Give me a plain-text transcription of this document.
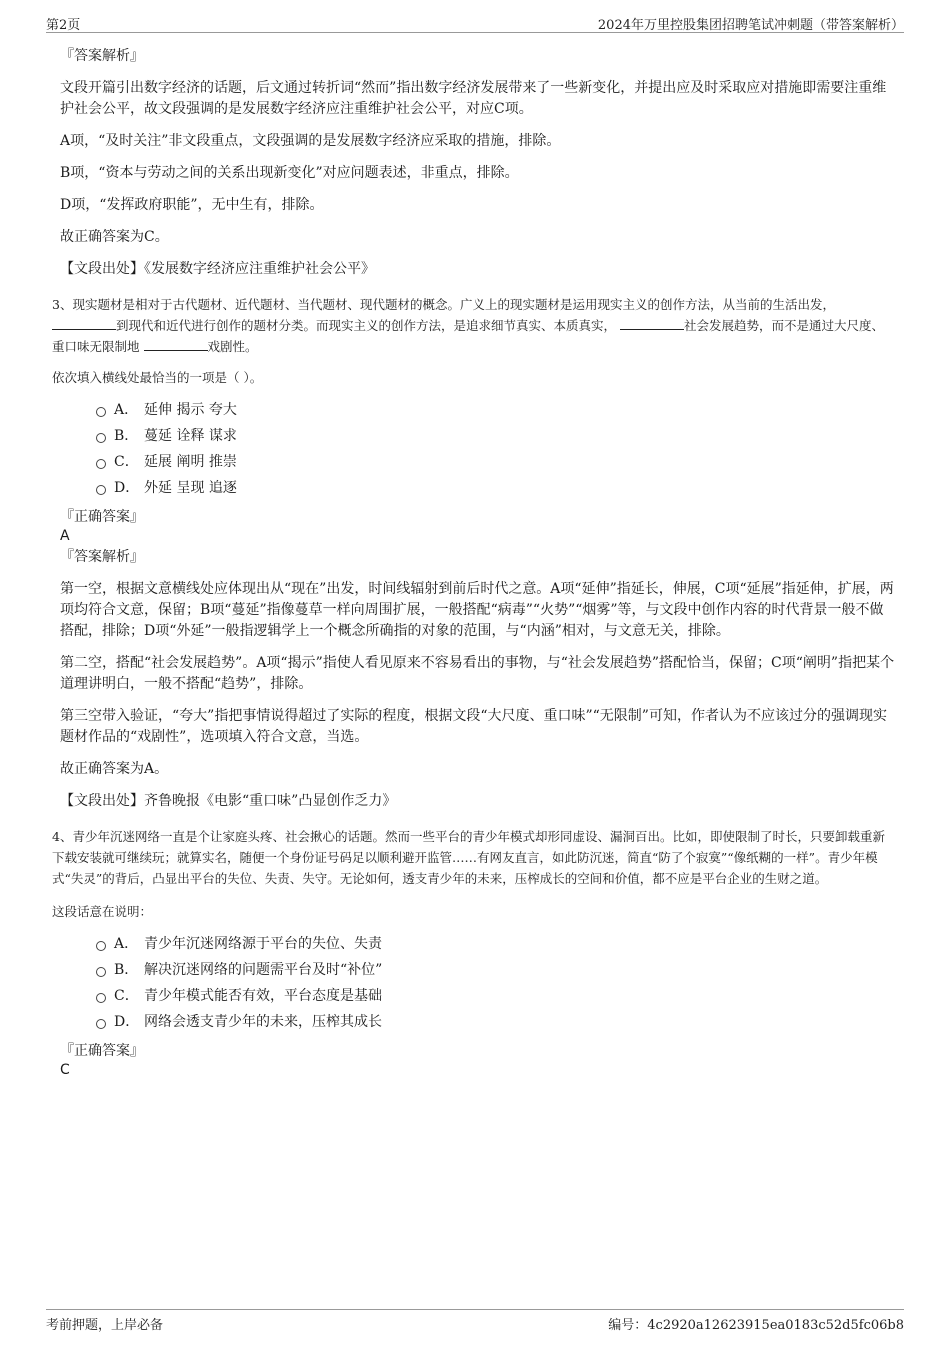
第2页	2024年万里控股集团招聘笔试冲刺题（带答案解析）

『答案解析』

文段开篇引出数字经济的话题，后文通过转折词“然而”指出数字经济发展带来了一些新变化，并提出应及时采取应对措施即需要注重维护社会公平，故文段强调的是发展数字经济应注重维护社会公平，对应C项。

A项，“及时关注”非文段重点，文段强调的是发展数字经济应采取的措施，排除。

B项，“资本与劳动之间的关系出现新变化”对应问题表述，非重点，排除。

D项，“发挥政府职能”，无中生有，排除。

故正确答案为C。

【文段出处】《发展数字经济应注重维护社会公平》

3、现实题材是相对于古代题材、近代题材、当代题材、现代题材的概念。广义上的现实题材是运用现实主义的创作方法，从当前的生活出发，到现代和近代进行创作的题材分类。而现实主义的创作方法，是追求细节真实、本质真实，	社会发展趋势，而不是通过大尺度、重口味无限制地	戏剧性。

依次填入横线处最恰当的一项是（ ）。

A． 延伸 揭示 夸大
B． 蔓延 诠释 谋求
C． 延展 阐明 推崇
D． 外延 呈现 追逐

『正确答案』

A

『答案解析』

第一空，根据文意横线处应体现出从“现在”出发，时间线辐射到前后时代之意。A项“延伸”指延长，伸展，C项“延展”指延伸，扩展，两项均符合文意，保留；B项“蔓延”指像蔓草一样向周围扩展，一般搭配“病毒”“火势”“烟雾”等，与文段中创作内容的时代背景一般不做搭配，排除；D项“外延”一般指逻辑学上一个概念所确指的对象的范围，与“内涵”相对，与文意无关，排除。

第二空，搭配“社会发展趋势”。A项“揭示”指使人看见原来不容易看出的事物，与“社会发展趋势”搭配恰当，保留；C项“阐明”指把某个道理讲明白，一般不搭配“趋势”，排除。

第三空带入验证，“夸大”指把事情说得超过了实际的程度，根据文段“大尺度、重口味”“无限制”可知，作者认为不应该过分的强调现实题材作品的“戏剧性”，选项填入符合文意，当选。

故正确答案为A。

【文段出处】齐鲁晚报《电影“重口味”凸显创作乏力》

4、青少年沉迷网络一直是个让家庭头疼、社会揪心的话题。然而一些平台的青少年模式却形同虚设、漏洞百出。比如，即使限制了时长，只要卸载重新下载安装就可继续玩；就算实名，随便一个身份证号码足以顺利避开监管……有网友直言，如此防沉迷，简直“防了个寂寞”“像纸糊的一样”。青少年模式“失灵”的背后，凸显出平台的失位、失责、失守。无论如何，透支青少年的未来，压榨成长的空间和价值，都不应是平台企业的生财之道。

这段话意在说明：

A． 青少年沉迷网络源于平台的失位、失责
B． 解决沉迷网络的问题需平台及时“补位”
C． 青少年模式能否有效，平台态度是基础
D． 网络会透支青少年的未来，压榨其成长

『正确答案』

C

考前押题，上岸必备	编号：4c2920a12623915ea0183c52d5fc06b8
